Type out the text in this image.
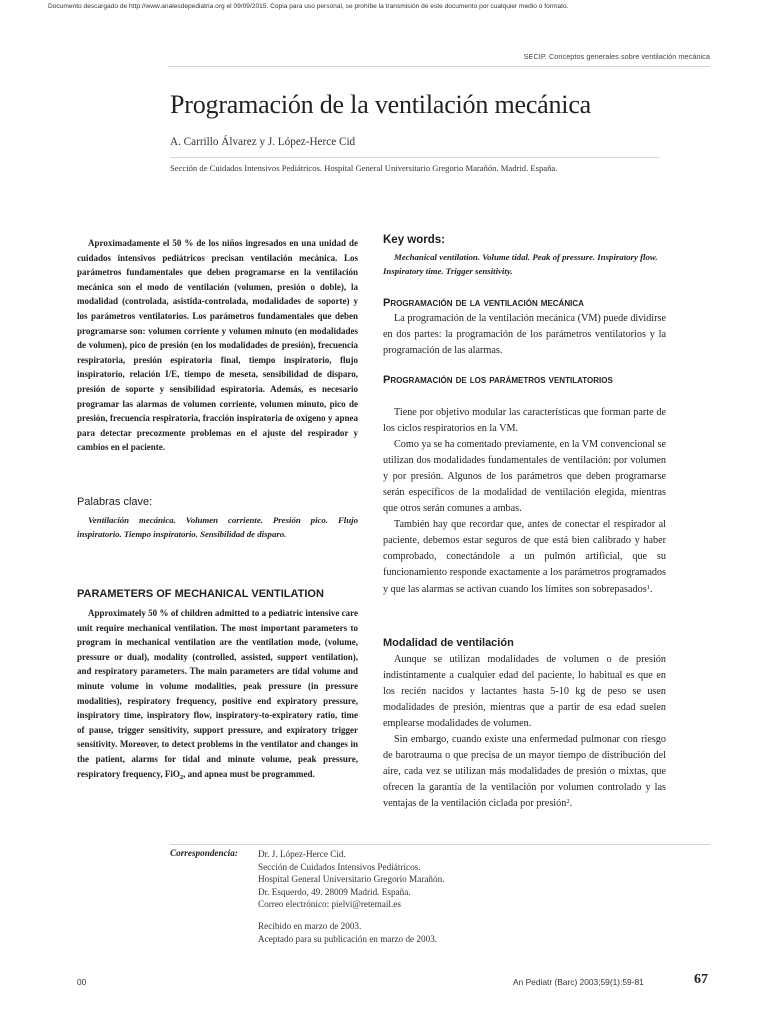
Documento descargado de http://www.analesdepediatria.org el 09/09/2015. Copia para uso personal, se prohíbe la transmisión de este documento por cualquier medio o formato.
SECIP. Conceptos generales sobre ventilación mecánica
Programación de la ventilación mecánica
A. Carrillo Álvarez y J. López-Herce Cid
Sección de Cuidados Intensivos Pediátricos. Hospital General Universitario Gregorio Marañón. Madrid. España.

Aproximadamente el 50 % de los niños ingresados en una unidad de cuidados intensivos pediátricos precisan ventilación mecánica. Los parámetros fundamentales que deben programarse en la ventilación mecánica son el modo de ventilación (volumen, presión o doble), la modalidad (controlada, asistida-controlada, modalidades de soporte) y los parámetros ventilatorios. Los parámetros fundamentales que deben programarse son: volumen corriente y volumen minuto (en modalidades de volumen), pico de presión (en los modalidades de presión), frecuencia respiratoria, presión espiratoria final, tiempo inspiratorio, flujo inspiratorio, relación I/E, tiempo de meseta, sensibilidad de disparo, presión de soporte y sensibilidad espiratoria. Además, es necesario programar las alarmas de volumen corriente, volumen minuto, pico de presión, frecuencia respiratoria, fracción inspiratoria de oxígeno y apnea para detectar precozmente problemas en el ajuste del respirador y cambios en el paciente.

Palabras clave:

Ventilación mecánica. Volumen corriente. Presión pico. Flujo inspiratorio. Tiempo inspiratorio. Sensibilidad de disparo.

PARAMETERS OF MECHANICAL VENTILATION

Approximately 50 % of children admitted to a pediatric intensive care unit require mechanical ventilation. The most important parameters to program in mechanical ventilation are the ventilation mode, (volume, pressure or dual), modality (controlled, assisted, support ventilation), and respiratory parameters. The main parameters are tidal volume and minute volume in volume modalities, peak pressure (in pressure modalities), respiratory frequency, positive end expiratory pressure, inspiratory time, inspiratory flow, inspiratory-to-expiratory ratio, time of pause, trigger sensitivity, support pressure, and expiratory trigger sensitivity. Moreover, to detect problems in the ventilator and changes in the patient, alarms for tidal and minute volume, peak pressure, respiratory frequency, FiO$_2$, and apnea must be programmed.

Key words:

Mechanical ventilation. Volume tidal. Peak of pressure. Inspiratory flow. Inspiratory time. Trigger sensitivity.

Programación de la ventilación mecánica

La programación de la ventilación mecánica (VM) puede dividirse en dos partes: la programación de los parámetros ventilatorios y la programación de las alarmas.

Programación de los parámetros ventilatorios

Tiene por objetivo modular las características que forman parte de los ciclos respiratorios en la VM.

Como ya se ha comentado previamente, en la VM convencional se utilizan dos modalidades fundamentales de ventilación: por volumen y por presión. Algunos de los parámetros que deben programarse serán específicos de la modalidad de ventilación elegida, mientras que otros serán comunes a ambas.

También hay que recordar que, antes de conectar el respirador al paciente, debemos estar seguros de que está bien calibrado y haber comprobado, conectándole a un pulmón artificial, que su funcionamiento responde exactamente a los parámetros programados y que las alarmas se activan cuando los límites son sobrepasados$^1$.

Modalidad de ventilación

Aunque se utilizan modalidades de volumen o de presión indistintamente a cualquier edad del paciente, lo habitual es que en los recién nacidos y lactantes hasta 5-10 kg de peso se usen modalidades de presión, mientras que a partir de esa edad suelen emplearse modalidades de volumen.

Sin embargo, cuando existe una enfermedad pulmonar con riesgo de barotrauma o que precisa de un mayor tiempo de distribución del aire, cada vez se utilizan más modalidades de presión o mixtas, que ofrecen la garantía de la ventilación por volumen controlado y las ventajas de la ventilación ciclada por presión$^2$.

Correspondencia: Dr. J. López-Herce Cid.
Sección de Cuidados Intensivos Pediátricos.
Hospital General Universitario Gregorio Marañón.
Dr. Esquerdo, 49. 28009 Madrid. España.
Correo electrónico: pielvi@retemail.es
Recibido en marzo de 2003.
Aceptado para su publicación en marzo de 2003.
00	An Pediatr (Barc) 2003;59(1):59-81	67
